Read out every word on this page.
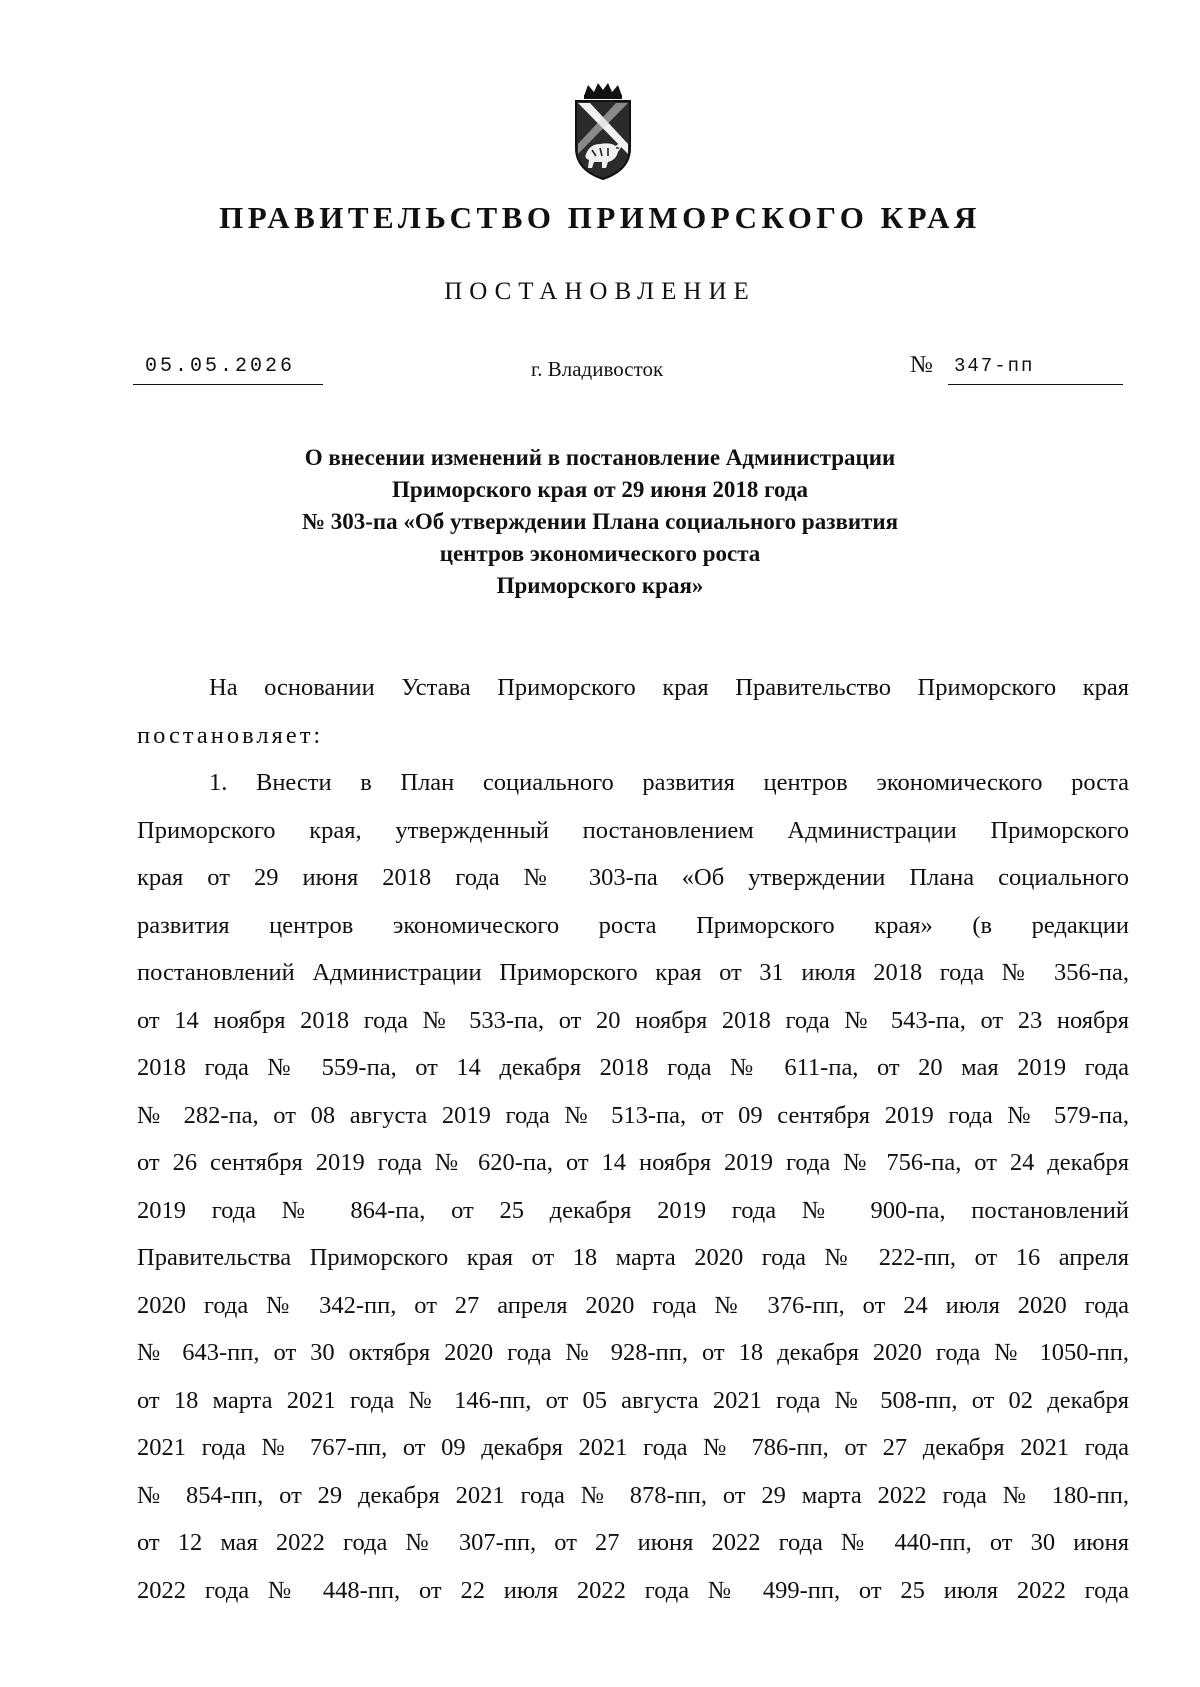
ПРАВИТЕЛЬСТВО ПРИМОРСКОГО КРАЯ
ПОСТАНОВЛЕНИЕ
05.05.2026	г. Владивосток	№	347-пп
О внесении изменений в постановление Администрации
Приморского края от 29 июня 2018 года
№ 303-па «Об утверждении Плана социального развития
центров экономического роста
Приморского края»
На основании Устава Приморского края Правительство Приморского края
постановляет:
1. Внести в План социального развития центров экономического роста
Приморского края, утвержденный постановлением Администрации Приморского
края от 29 июня 2018 года № 303-па «Об утверждении Плана социального
развития центров экономического роста Приморского края» (в редакции
постановлений Администрации Приморского края от 31 июля 2018 года № 356-па,
от 14 ноября 2018 года № 533-па, от 20 ноября 2018 года № 543-па, от 23 ноября
2018 года № 559-па, от 14 декабря 2018 года № 611-па, от 20 мая 2019 года
№ 282-па, от 08 августа 2019 года № 513-па, от 09 сентября 2019 года № 579-па,
от 26 сентября 2019 года № 620-па, от 14 ноября 2019 года № 756-па, от 24 декабря
2019 года № 864-па, от 25 декабря 2019 года № 900-па, постановлений
Правительства Приморского края от 18 марта 2020 года № 222-пп, от 16 апреля
2020 года № 342-пп, от 27 апреля 2020 года № 376-пп, от 24 июля 2020 года
№ 643-пп, от 30 октября 2020 года № 928-пп, от 18 декабря 2020 года № 1050-пп,
от 18 марта 2021 года № 146-пп, от 05 августа 2021 года № 508-пп, от 02 декабря
2021 года № 767-пп, от 09 декабря 2021 года № 786-пп, от 27 декабря 2021 года
№ 854-пп, от 29 декабря 2021 года № 878-пп, от 29 марта 2022 года № 180-пп,
от 12 мая 2022 года № 307-пп, от 27 июня 2022 года № 440-пп, от 30 июня
2022 года № 448-пп, от 22 июля 2022 года № 499-пп, от 25 июля 2022 года
